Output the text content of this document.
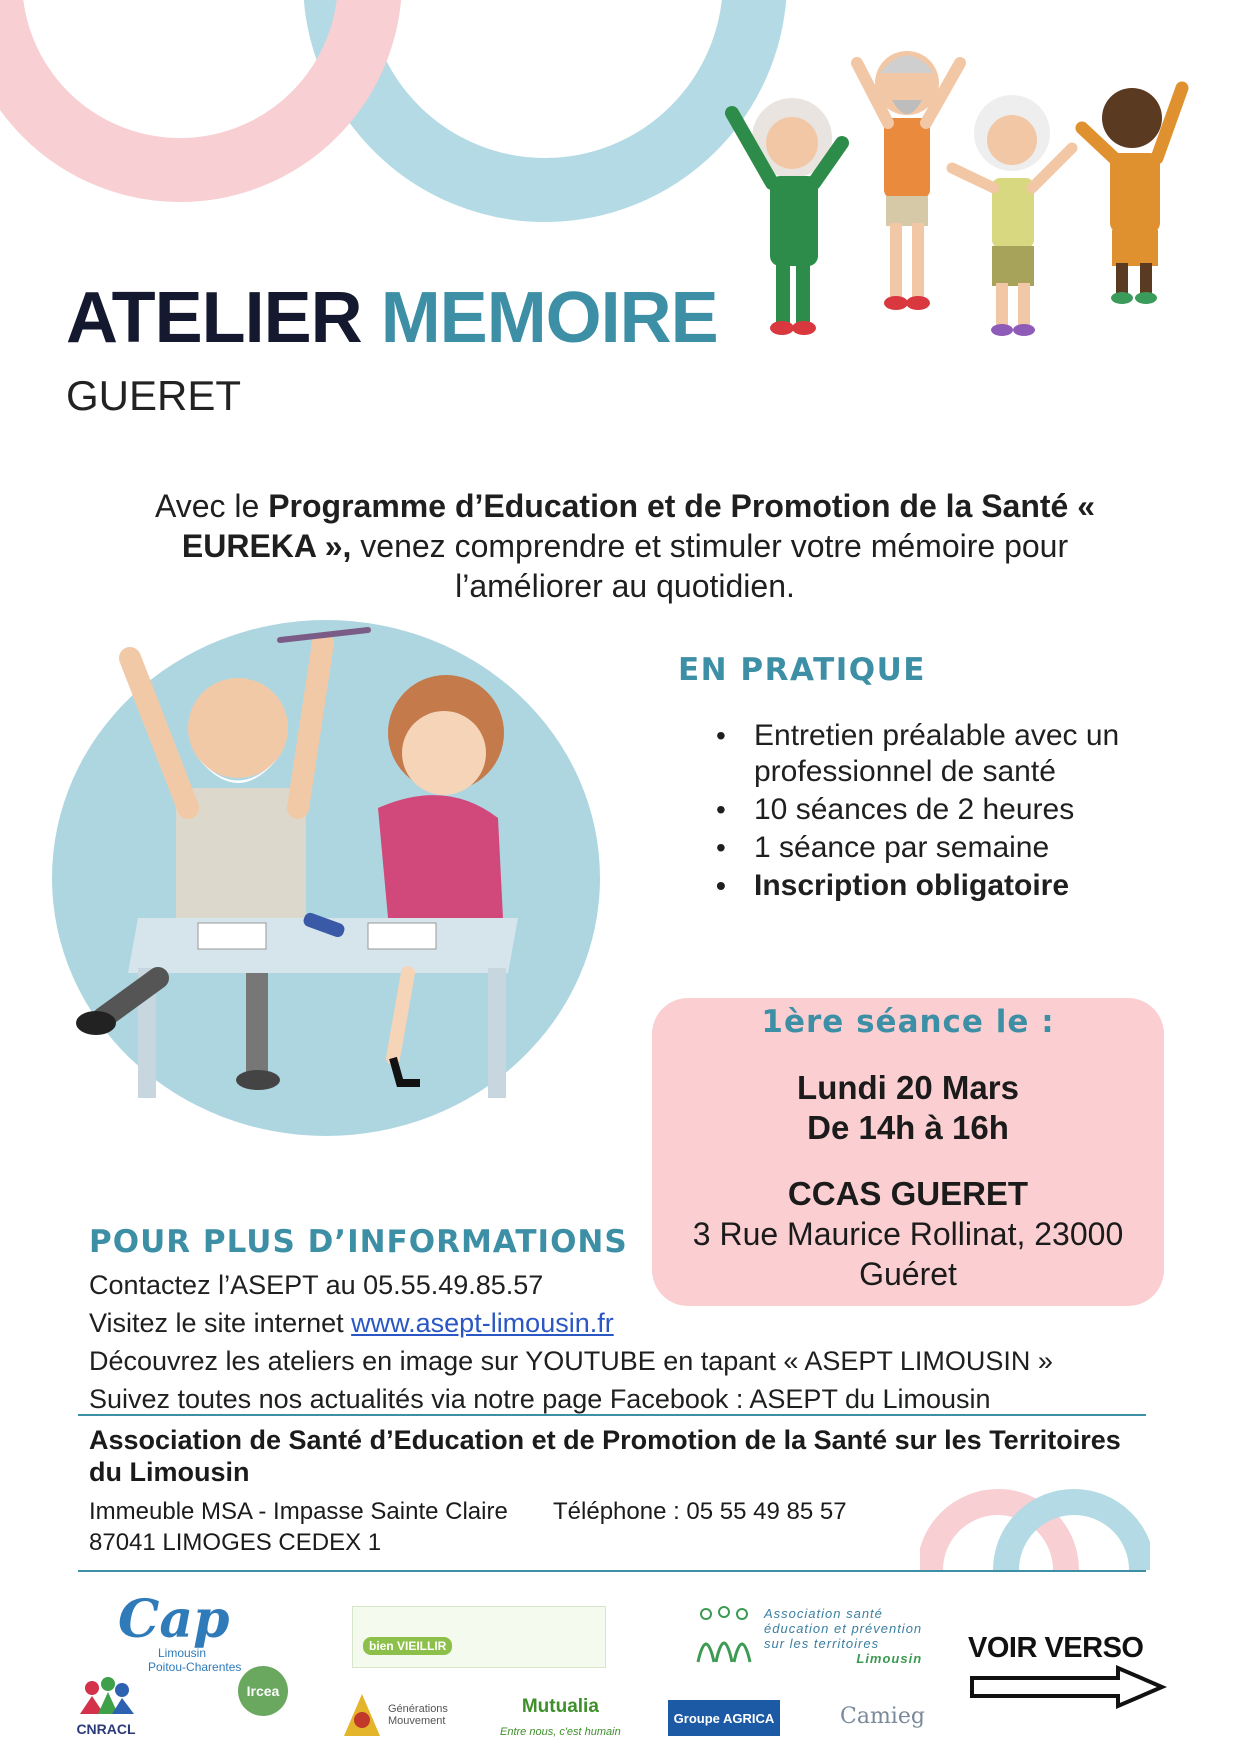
ATELIER MEMOIRE
GUERET
Avec le Programme d’Education et de Promotion de la Santé « EUREKA », venez comprendre et stimuler votre mémoire pour l’améliorer au quotidien.
EN PRATIQUE
• Entretien préalable avec un professionnel de santé
• 10 séances de 2 heures
• 1 séance par semaine
• Inscription obligatoire
1ère séance le :
Lundi 20 Mars
De 14h à 16h
CCAS GUERET
3 Rue Maurice Rollinat, 23000 Guéret
POUR PLUS D’INFORMATIONS
Contactez l’ASEPT au 05.55.49.85.57
Visitez le site internet www.asept-limousin.fr
Découvrez les ateliers en image sur YOUTUBE en tapant « ASEPT LIMOUSIN »
Suivez toutes nos actualités via notre page Facebook : ASEPT du Limousin
Association de Santé d’Education et de Promotion de la Santé sur les Territoires du Limousin
Immeuble MSA - Impasse Sainte Claire
87041 LIMOGES CEDEX 1
Téléphone : 05 55 49 85 57
Cap
Limousin
Poitou-Charentes
CNRACL
Ircea
bien VIEILLIR
Générations Mouvement
Mutualia
Entre nous, c'est humain
Association santé
éducation et prévention
sur les territoires
Limousin
Groupe AGRICA	Camieg
VOIR VERSO
